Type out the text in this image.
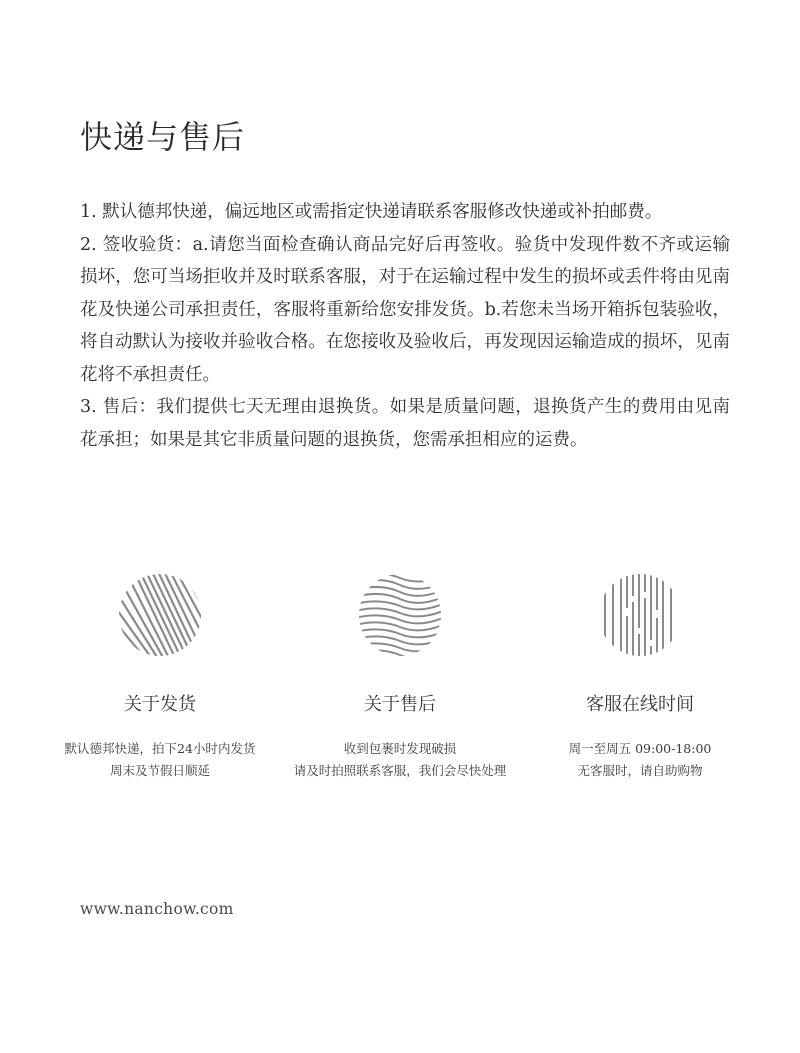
快递与售后

1. 默认德邦快递，偏远地区或需指定快递请联系客服修改快递或补拍邮费。

2. 签收验货：a.请您当面检查确认商品完好后再签收。验货中发现件数不齐或运输损坏，您可当场拒收并及时联系客服，对于在运输过程中发生的损坏或丢件将由见南花及快递公司承担责任，客服将重新给您安排发货。b.若您未当场开箱拆包装验收，将自动默认为接收并验收合格。在您接收及验收后，再发现因运输造成的损坏，见南花将不承担责任。

3. 售后：我们提供七天无理由退换货。如果是质量问题，退换货产生的费用由见南花承担；如果是其它非质量问题的退换货，您需承担相应的运费。

关于发货
默认德邦快递，拍下24小时内发货
周末及节假日顺延
关于售后
收到包裹时发现破损
请及时拍照联系客服，我们会尽快处理
客服在线时间
周一至周五 09:00-18:00
无客服时，请自助购物
www.nanchow.com
